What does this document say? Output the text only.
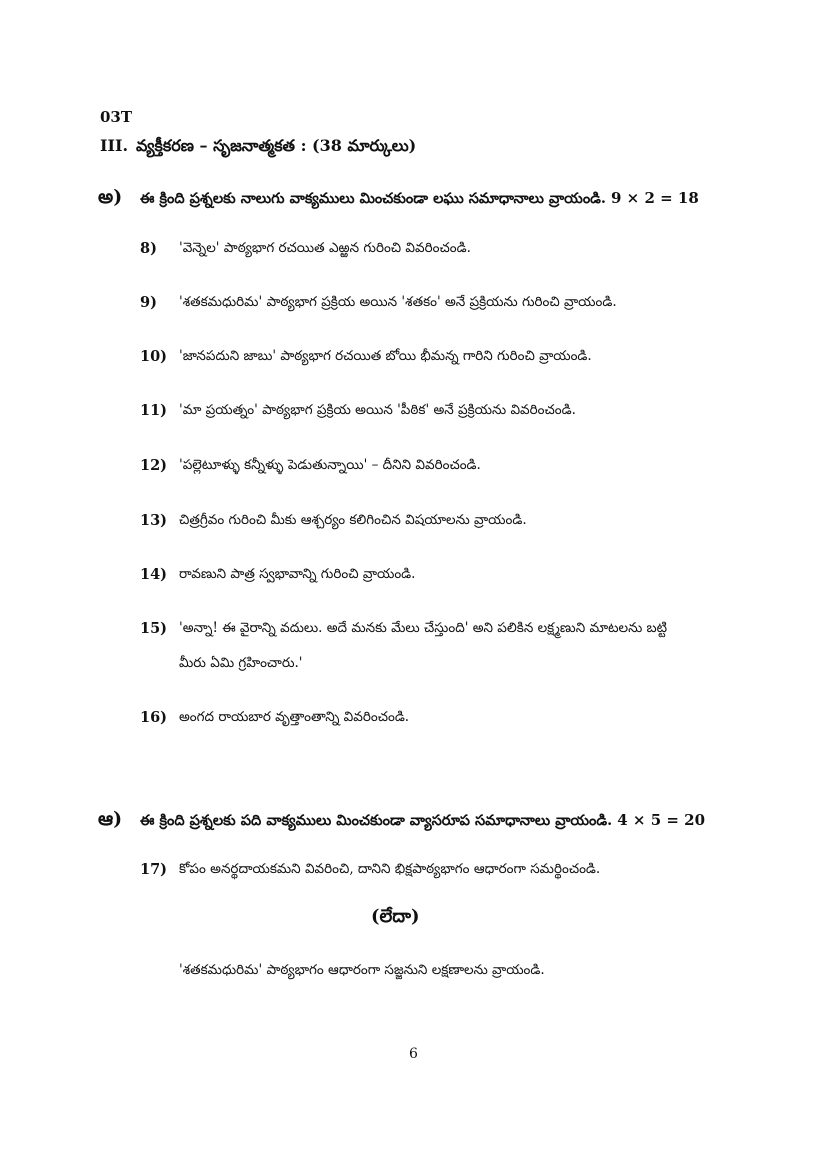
03T
III. వ్యక్తీకరణ – సృజనాత్మకత : (38 మార్కులు)
అ) ఈ క్రింది ప్రశ్నలకు నాలుగు వాక్యములు మించకుండా లఘు సమాధానాలు వ్రాయండి. 9 × 2 = 18
8) 'వెన్నెల' పాఠ్యభాగ రచయిత ఎఱ్ఱన గురించి వివరించండి.
9) 'శతకమధురిమ' పాఠ్యభాగ ప్రక్రియ అయిన 'శతకం' అనే ప్రక్రియను గురించి వ్రాయండి.
10) 'జానపదుని జాబు' పాఠ్యభాగ రచయిత బోయి భీమన్న గారిని గురించి వ్రాయండి.
11) 'మా ప్రయత్నం' పాఠ్యభాగ ప్రక్రియ అయిన 'పీఠిక' అనే ప్రక్రియను వివరించండి.
12) 'పల్లెటూళ్ళు కన్నీళ్ళు పెడుతున్నాయి' – దీనిని వివరించండి.
13) చిత్రగ్రీవం గురించి మీకు ఆశ్చర్యం కలిగించిన విషయాలను వ్రాయండి.
14) రావణుని పాత్ర స్వభావాన్ని గురించి వ్రాయండి.
15) 'అన్నా! ఈ వైరాన్ని వదులు. అదే మనకు మేలు చేస్తుంది' అని పలికిన లక్ష్మణుని మాటలను బట్టి
మీరు ఏమి గ్రహించారు.'
16) అంగద రాయబార వృత్తాంతాన్ని వివరించండి.
ఆ) ఈ క్రింది ప్రశ్నలకు పది వాక్యములు మించకుండా వ్యాసరూప సమాధానాలు వ్రాయండి. 4 × 5 = 20
17) కోపం అనర్థదాయకమని వివరించి, దానిని భిక్షపాఠ్యభాగం ఆధారంగా సమర్థించండి.
(లేదా)
'శతకమధురిమ' పాఠ్యభాగం ఆధారంగా సజ్జనుని లక్షణాలను వ్రాయండి.
6
